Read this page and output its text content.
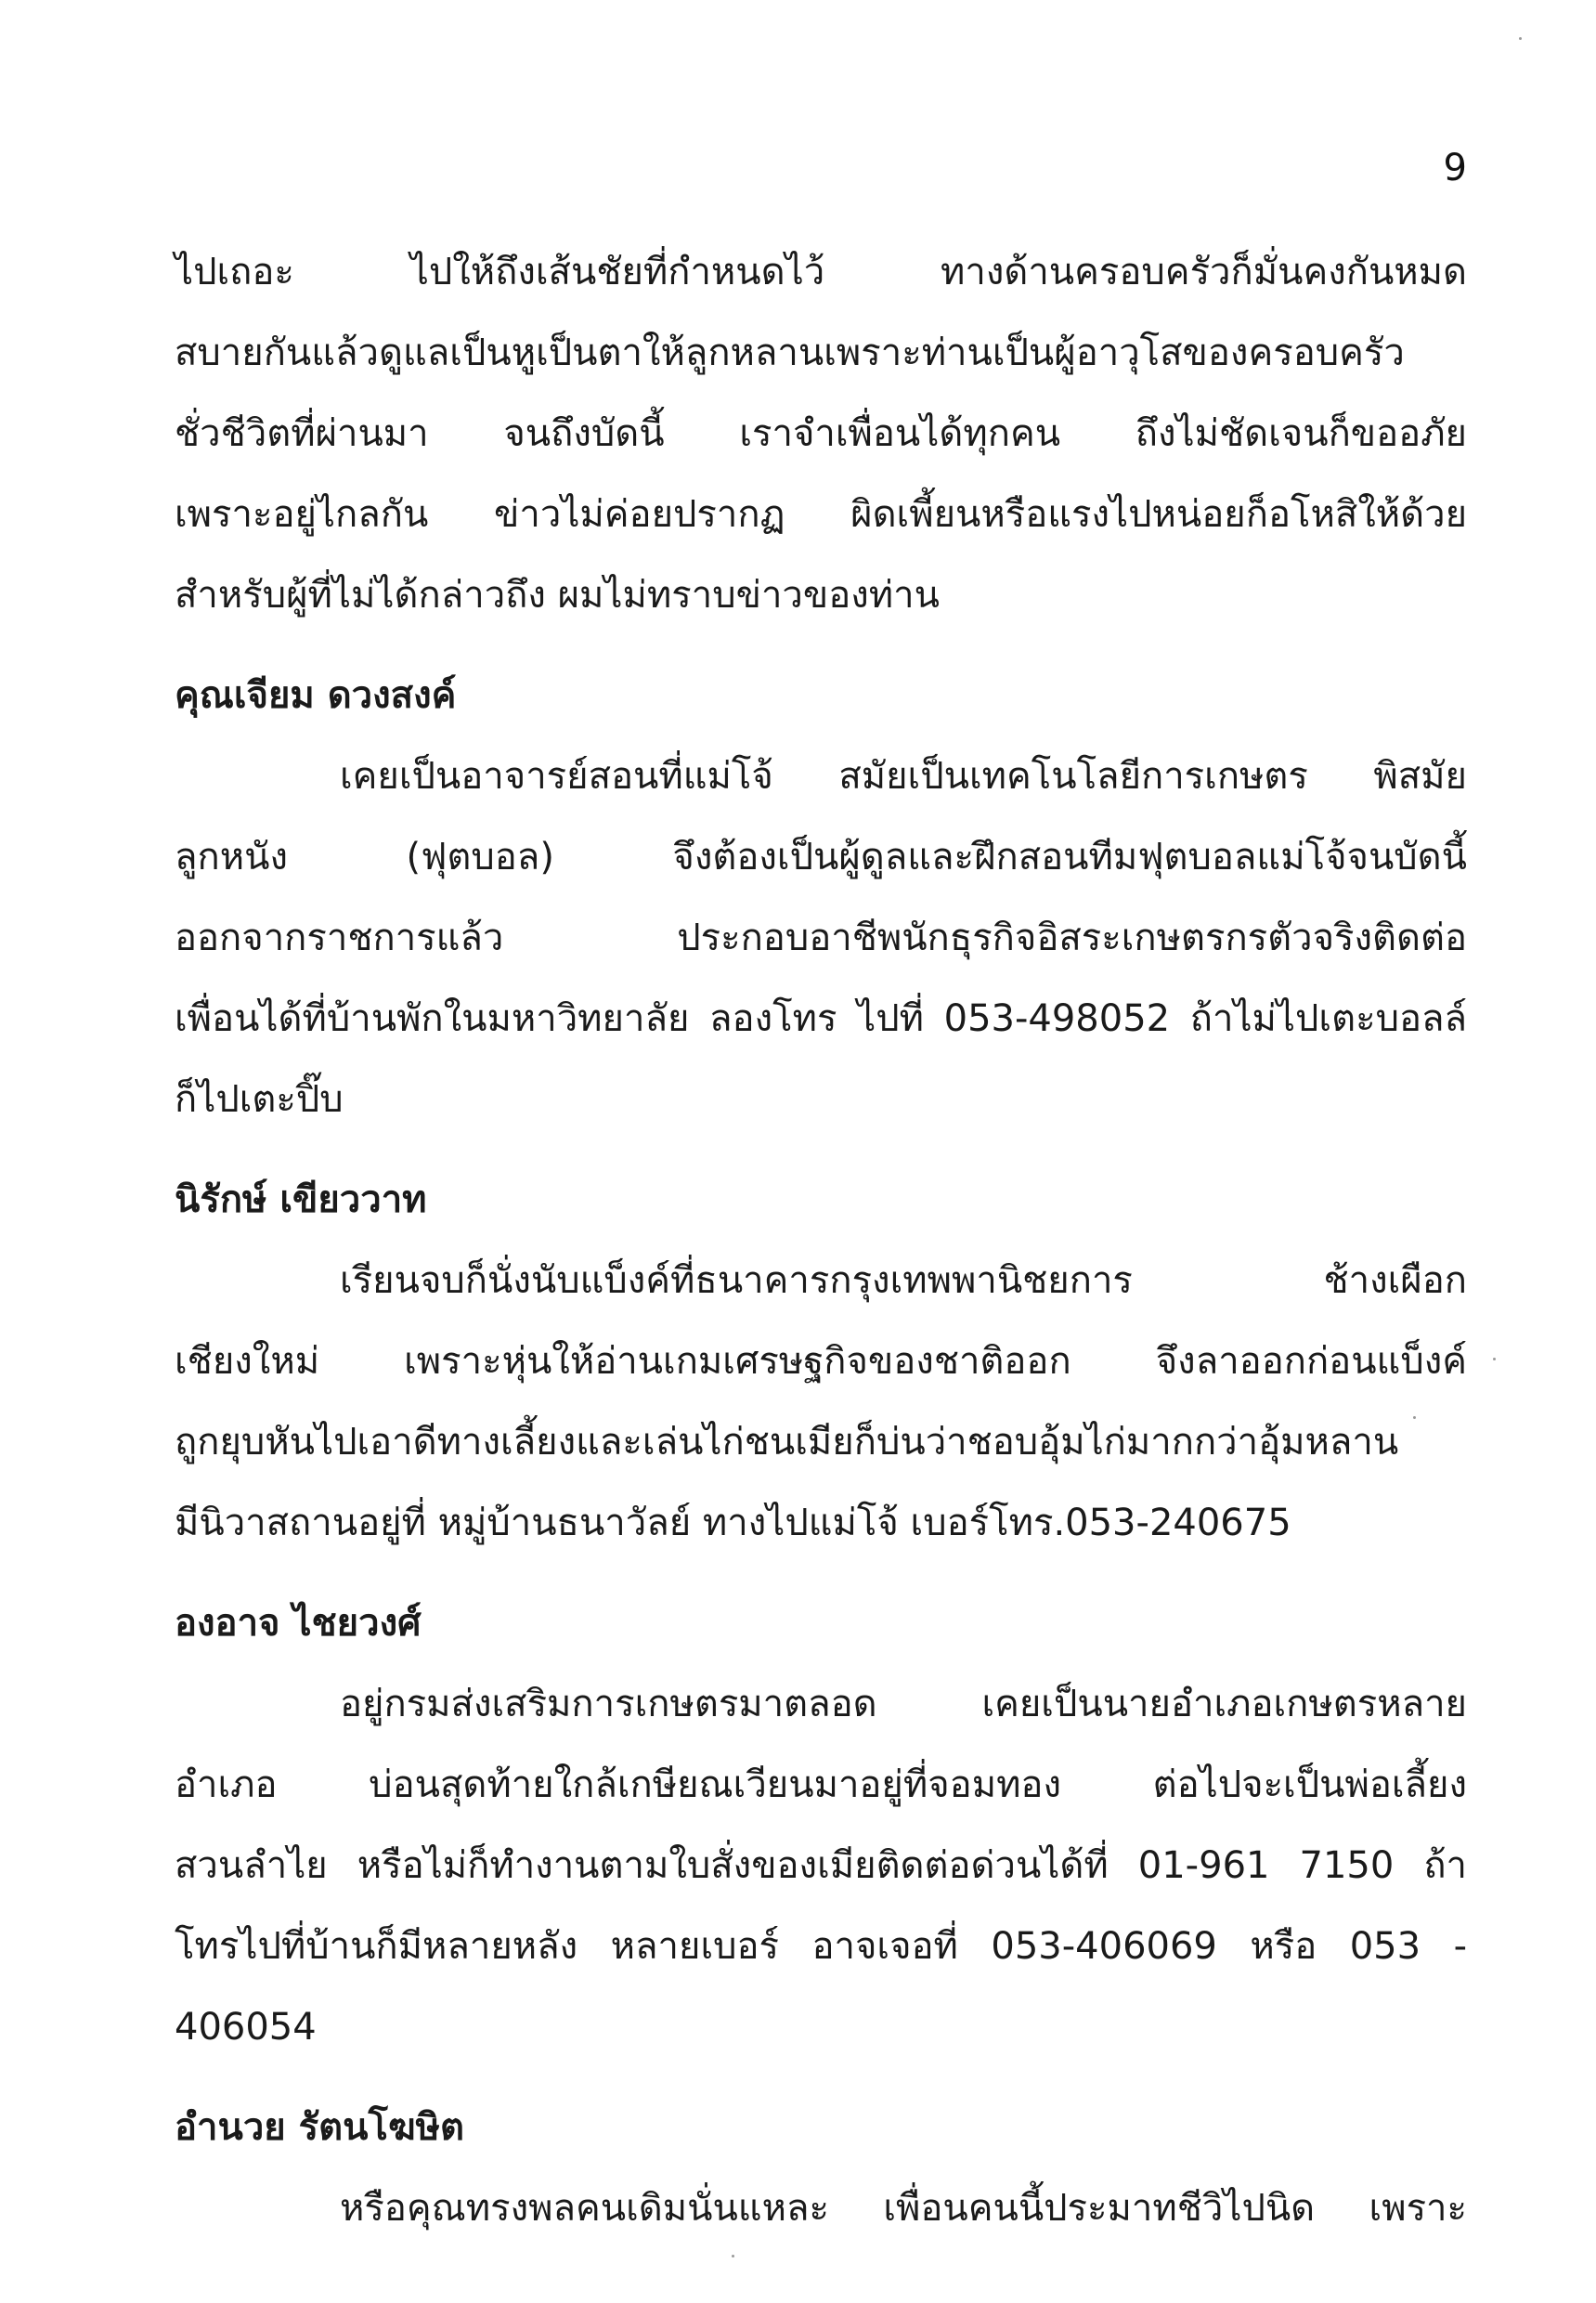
9
ไปเถอะ ไปให้ถึงเส้นชัยที่กำหนดไว้ ทางด้านครอบครัวก็มั่นคงกันหมด
สบายกันแล้วดูแลเป็นหูเป็นตาให้ลูกหลานเพราะท่านเป็นผู้อาวุโสของครอบครัว
ชั่วชีวิตที่ผ่านมา จนถึงบัดนี้ เราจำเพื่อนได้ทุกคน ถึงไม่ชัดเจนก็ขออภัย
เพราะอยู่ไกลกัน ข่าวไม่ค่อยปรากฏ ผิดเพี้ยนหรือแรงไปหน่อยก็อโหสิให้ด้วย
สำหรับผู้ที่ไม่ได้กล่าวถึง ผมไม่ทราบข่าวของท่าน
คุณเจียม ดวงสงค์
เคยเป็นอาจารย์สอนที่แม่โจ้ สมัยเป็นเทคโนโลยีการเกษตร พิสมัย
ลูกหนัง (ฟุตบอล) จึงต้องเป็นผู้ดูลและฝึกสอนทีมฟุตบอลแม่โจ้จนบัดนี้
ออกจากราชการแล้ว ประกอบอาชีพนักธุรกิจอิสระเกษตรกรตัวจริงติดต่อ
เพื่อนได้ที่บ้านพักในมหาวิทยาลัย ลองโทร ไปที่ 053-498052 ถ้าไม่ไปเตะบอลล์
ก็ไปเตะปิ๊บ
นิรักษ์ เขียววาท
เรียนจบก็นั่งนับแบ็งค์ที่ธนาคารกรุงเทพพานิชยการ ช้างเผือก
เชียงใหม่ เพราะหุ่นให้อ่านเกมเศรษฐกิจของชาติออก จึงลาออกก่อนแบ็งค์
ถูกยุบหันไปเอาดีทางเลี้ยงและเล่นไก่ชนเมียก็บ่นว่าชอบอุ้มไก่มากกว่าอุ้มหลาน
มีนิวาสถานอยู่ที่ หมู่บ้านธนาวัลย์ ทางไปแม่โจ้ เบอร์โทร.053-240675
องอาจ ไชยวงศ์
อยู่กรมส่งเสริมการเกษตรมาตลอด เคยเป็นนายอำเภอเกษตรหลาย
อำเภอ บ่อนสุดท้ายใกล้เกษียณเวียนมาอยู่ที่จอมทอง ต่อไปจะเป็นพ่อเลี้ยง
สวนลำไย หรือไม่ก็ทำงานตามใบสั่งของเมียติดต่อด่วนได้ที่ 01-961 7150 ถ้า
โทรไปที่บ้านก็มีหลายหลัง หลายเบอร์ อาจเจอที่ 053-406069 หรือ 053 -
406054
อำนวย รัตนโฆษิต
หรือคุณทรงพลคนเดิมนั่นแหละ เพื่อนคนนี้ประมาทชีวิไปนิด เพราะ
